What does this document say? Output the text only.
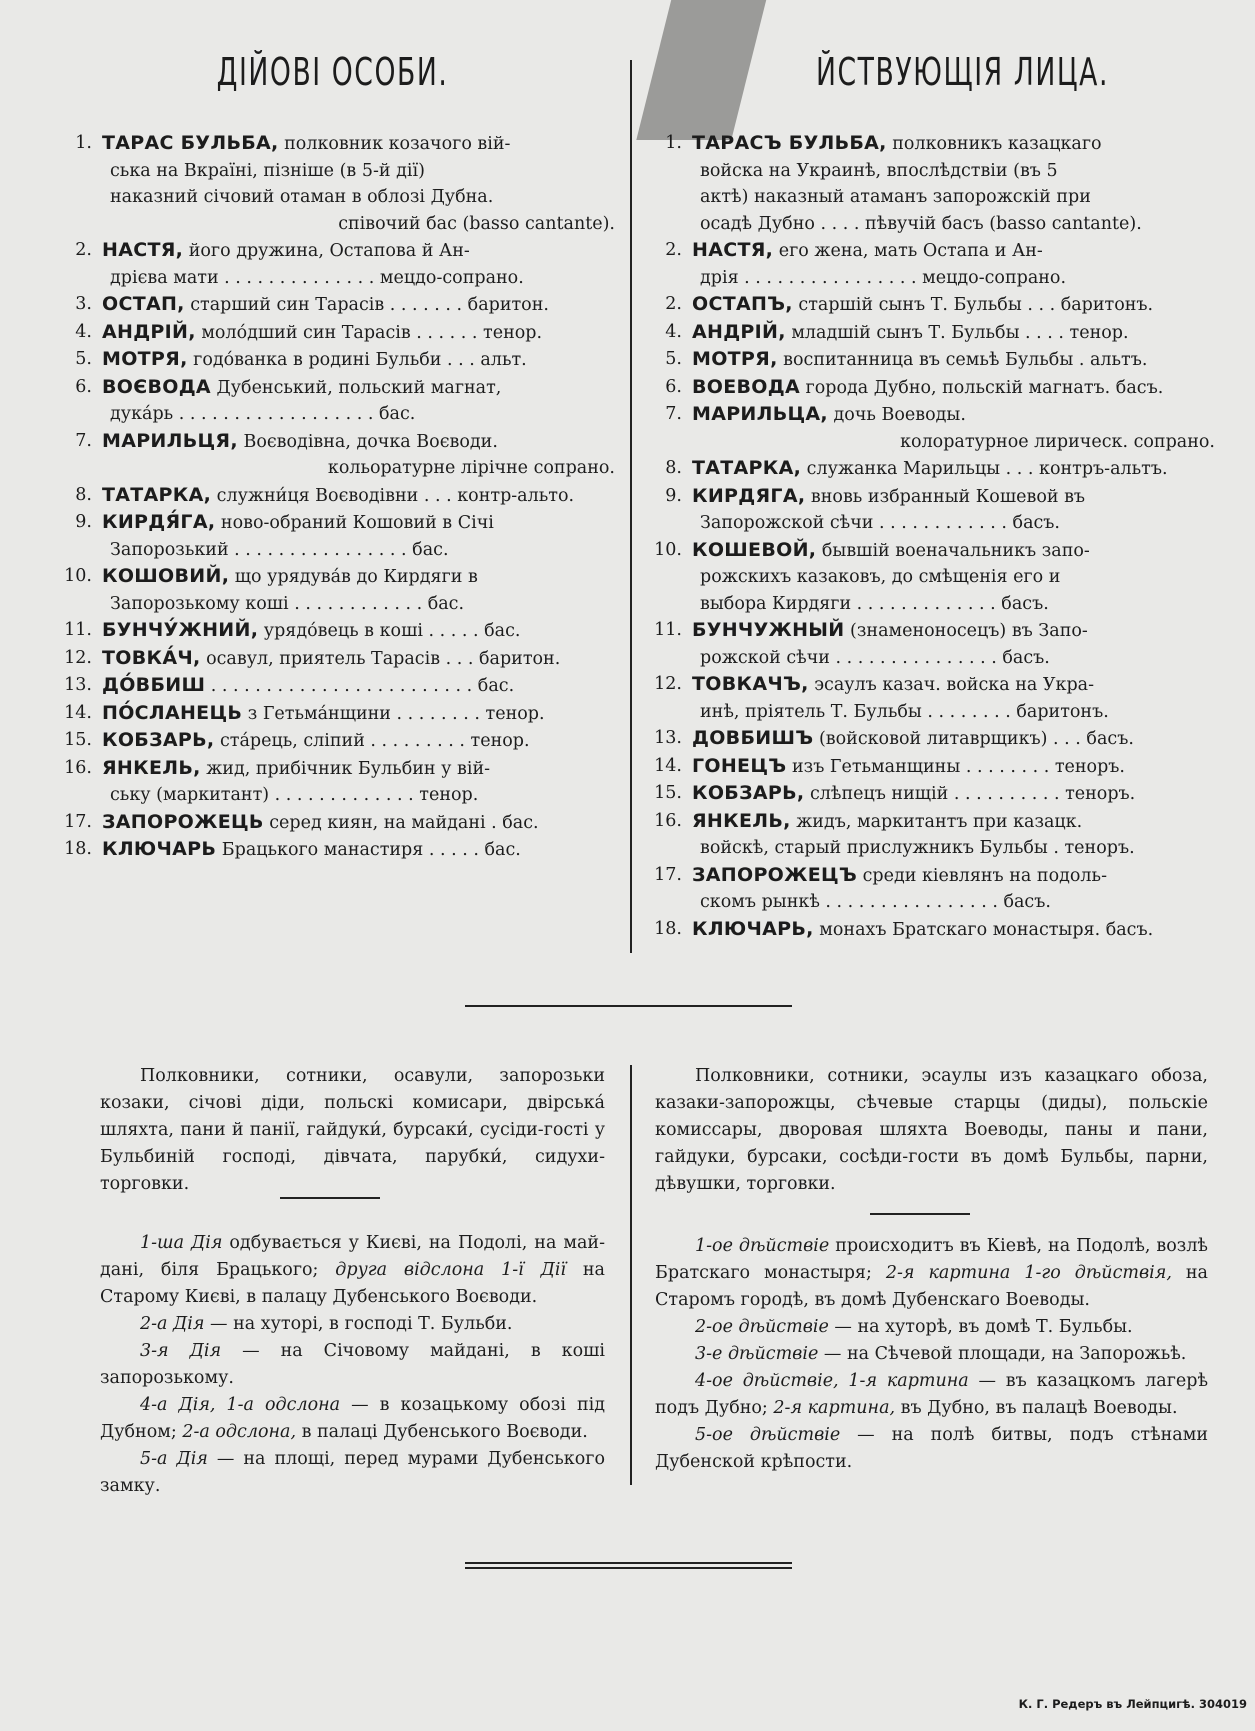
ДІЙОВІ ОСОБИ.
1. ТАРАС БУЛЬБА, полковник козачого вій-
ська на Вкраїні, пізніше (в 5-й дії)
наказний січовий отаман в облозі Дубна.
співочий бас (basso cantante).
2. НАСТЯ, його дружина, Остапова й Ан-
дрієва мати . . . . . . . . . . . . . . мецдо-сопрано.
3. ОСТАП, старший син Тарасів . . . . . . . баритон.
4. АНДРІЙ, молóдший син Тарасів . . . . . . тенор.
5. МОТРЯ, годóванка в родині Бульби . . . альт.
6. ВОЄВОДА Дубенський, польский магнат,
дукáрь . . . . . . . . . . . . . . . . . . бас.
7. МАРИЛЬЦЯ, Воєводівна, дочка Воєводи.
кольоратурне лірічне сопрано.
8. ТАТАРКА, служни́ця Воєводівни . . . контр-альто.
9. КИРДЯ́ГА, ново-обраний Кошовий в Січі
Запорозький . . . . . . . . . . . . . . . . бас.
10. КОШОВИЙ, що урядувáв до Кирдяги в
Запорозькому коші . . . . . . . . . . . . бас.
11. БУНЧУ́ЖНИЙ, урядóвець в коші . . . . . бас.
12. ТОВКА́Ч, осавул, приятель Тарасів . . . баритон.
13. ДО́ВБИШ . . . . . . . . . . . . . . . . . . . . . . . . бас.
14. ПО́СЛАНЕЦЬ з Гетьма́нщини . . . . . . . . тенор.
15. КОБЗАРЬ, стáрець, сліпий . . . . . . . . . тенор.
16. ЯНКЕЛЬ, жид, прибічник Бульбин у вій-
ську (маркитант) . . . . . . . . . . . . . тенор.
17. ЗАПОРОЖЕЦЬ серед киян, на майдані . бас.
18. КЛЮЧАРЬ Брацького манастиря . . . . . бас.

Полковники, сотники, осавули, запорозьки козаки, січові діди, польскі комисари, двірська́ шляхта, пани й панії, гайдуки́, бурсаки́, сусіди-гості у Бульбиній господі, дівчата, парубки́, сидухи-торговки.

1-ша Дія одбувається у Києві, на Подолі, на май-дані, біля Брацького; друга відслона 1-ї Дії на Старому Києві, в палацу Дубенського Воєводи.

2-а Дія — на хуторі, в господі Т. Бульби.

3-я Дія — на Січовому майдані, в коші запорозькому.

4-а Дія, 1-а одслона — в козацькому обозі під Дубном; 2-а одслона, в палаці Дубенського Воєводи.

5-а Дія — на площі, перед мурами Дубенського замку.

ЙСТВУЮЩІЯ ЛИЦА.
1. ТАРАСЪ БУЛЬБА, полковникъ казацкаго
войска на Украинѣ, впослѣдствіи (въ 5
актѣ) наказный атаманъ запорожскій при
осадѣ Дубно . . . . пѣвучій басъ (basso cantante).
2. НАСТЯ, его жена, мать Остапа и Ан-
дрія . . . . . . . . . . . . . . . . мецдо-сопрано.
2. ОСТАПЪ, старшій сынъ Т. Бульбы . . . баритонъ.
4. АНДРІЙ, младшій сынъ Т. Бульбы . . . . тенор.
5. МОТРЯ, воспитанница въ семьѣ Бульбы . альтъ.
6. ВОЕВОДА города Дубно, польскій магнатъ. басъ.
7. МАРИЛЬЦА, дочь Воеводы.
колоратурное лирическ. сопрано.
8. ТАТАРКА, служанка Марильцы . . . контръ-альтъ.
9. КИРДЯГА, вновь избранный Кошевой въ
Запорожской сѣчи . . . . . . . . . . . . басъ.
10. КОШЕВОЙ, бывшій военачальникъ запо-
рожскихъ казаковъ, до смѣщенія его и
выбора Кирдяги . . . . . . . . . . . . . басъ.
11. БУНЧУЖНЫЙ (знаменоносецъ) въ Запо-
рожской сѣчи . . . . . . . . . . . . . . . басъ.
12. ТОВКАЧЪ, эсаулъ казач. войска на Укра-
инѣ, пріятель Т. Бульбы . . . . . . . . баритонъ.
13. ДОВБИШЪ (войсковой литаврщикъ) . . . басъ.
14. ГОНЕЦЪ изъ Гетьманщины . . . . . . . . теноръ.
15. КОБЗАРЬ, слѣпецъ нищій . . . . . . . . . . теноръ.
16. ЯНКЕЛЬ, жидъ, маркитантъ при казацк.
войскѣ, старый прислужникъ Бульбы . теноръ.
17. ЗАПОРОЖЕЦЪ среди кіевлянъ на подоль-
скомъ рынкѣ . . . . . . . . . . . . . . . . басъ.
18. КЛЮЧАРЬ, монахъ Братскаго монастыря. басъ.

Полковники, сотники, эсаулы изъ казацкаго обоза, казаки-запорожцы, сѣчевые старцы (диды), польскіе комиссары, дворовая шляхта Воеводы, паны и пани, гайдуки, бурсаки, сосѣди-гости въ домѣ Бульбы, парни, дѣвушки, торговки.

1-ое дѣйствіе происходитъ въ Кіевѣ, на Подолѣ, возлѣ Братскаго монастыря; 2-я картина 1-го дѣйствія, на Старомъ городѣ, въ домѣ Дубенскаго Воеводы.

2-ое дѣйствіе — на хуторѣ, въ домѣ Т. Бульбы.

3-е дѣйствіе — на Сѣчевой площади, на Запорожьѣ.

4-ое дѣйствіе, 1-я картина — въ казацкомъ лагерѣ подъ Дубно; 2-я картина, въ Дубно, въ палацѣ Воеводы.

5-ое дѣйствіе — на полѣ битвы, подъ стѣнами Дубенской крѣпости.

К. Г. Редеръ въ Лейпцигѣ. 304019
